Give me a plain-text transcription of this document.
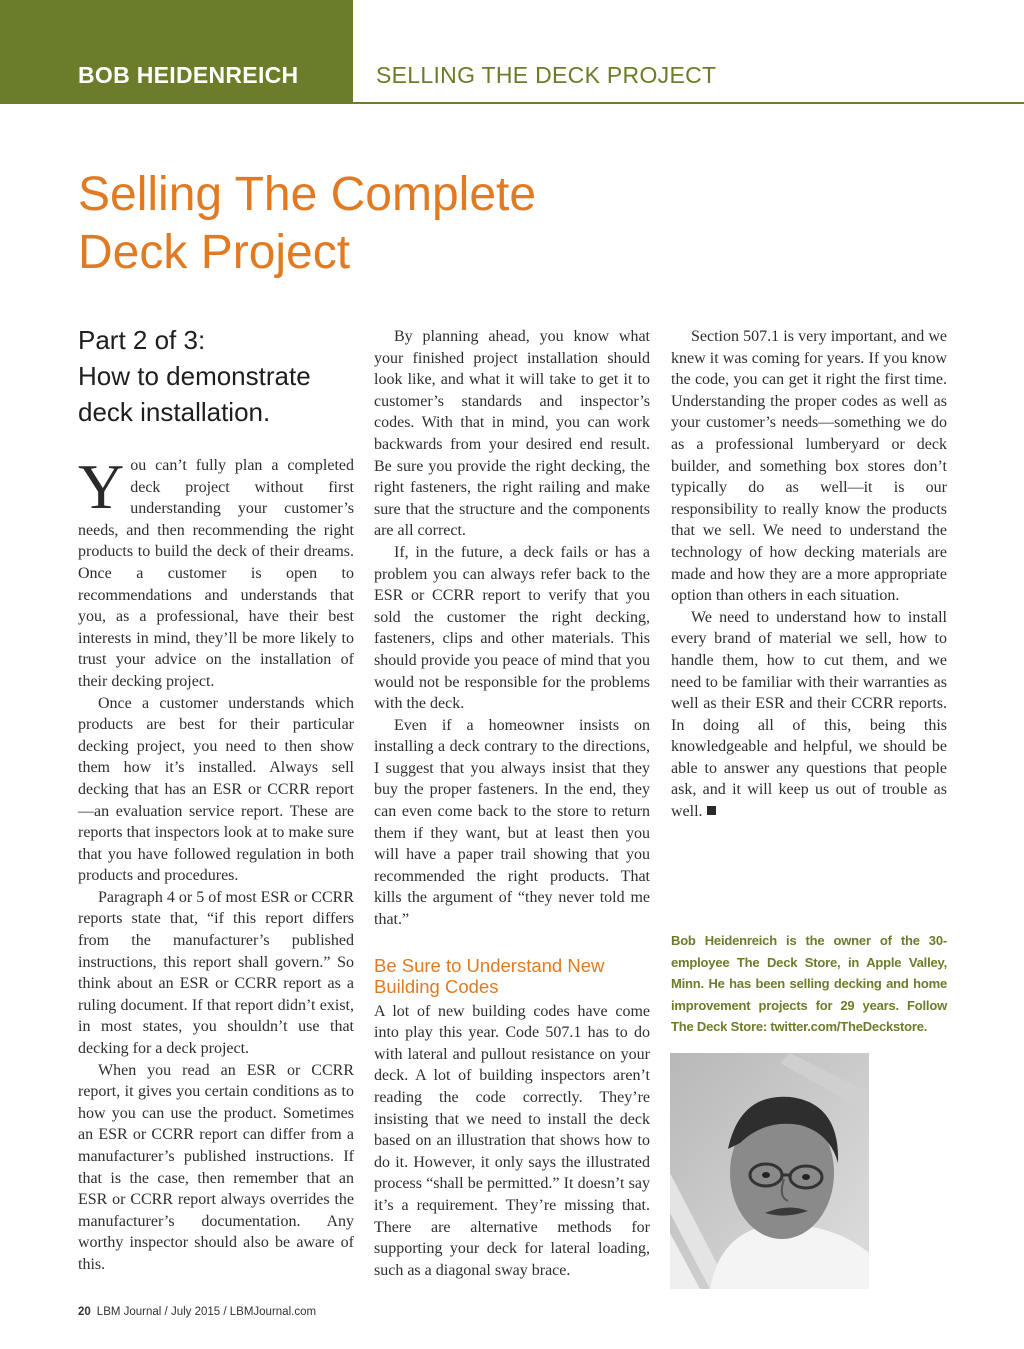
BOB HEIDENREICH	SELLING THE DECK PROJECT
Selling The Complete
Deck Project
Part 2 of 3:
How to demonstrate deck installation.

You can’t fully plan a completed deck project without first understanding your customer’s needs, and then recommending the right products to build the deck of their dreams. Once a customer is open to recommendations and understands that you, as a professional, have their best interests in mind, they’ll be more likely to trust your advice on the installation of their decking project.

Once a customer understands which products are best for their particular decking project, you need to then show them how it’s installed. Always sell decking that has an ESR or CCRR report—an evaluation service report. These are reports that inspectors look at to make sure that you have followed regulation in both products and procedures.

Paragraph 4 or 5 of most ESR or CCRR reports state that, “if this report differs from the manufacturer’s published instructions, this report shall govern.” So think about an ESR or CCRR report as a ruling document. If that report didn’t exist, in most states, you shouldn’t use that decking for a deck project.

When you read an ESR or CCRR report, it gives you certain conditions as to how you can use the product. Sometimes an ESR or CCRR report can differ from a manufacturer’s published instructions. If that is the case, then remember that an ESR or CCRR report always overrides the manufacturer’s documentation. Any worthy inspector should also be aware of this.

By planning ahead, you know what your finished project installation should look like, and what it will take to get it to customer’s standards and inspector’s codes. With that in mind, you can work backwards from your desired end result. Be sure you provide the right decking, the right fasteners, the right railing and make sure that the structure and the components are all correct.

If, in the future, a deck fails or has a problem you can always refer back to the ESR or CCRR report to verify that you sold the customer the right decking, fasteners, clips and other materials. This should provide you peace of mind that you would not be responsible for the problems with the deck.

Even if a homeowner insists on installing a deck contrary to the directions, I suggest that you always insist that they buy the proper fasteners. In the end, they can even come back to the store to return them if they want, but at least then you will have a paper trail showing that you recommended the right products. That kills the argument of “they never told me that.”

Be Sure to Understand New Building Codes

A lot of new building codes have come into play this year. Code 507.1 has to do with lateral and pullout resistance on your deck. A lot of building inspectors aren’t reading the code correctly. They’re insisting that we need to install the deck based on an illustration that shows how to do it. However, it only says the illustrated process “shall be permitted.” It doesn’t say it’s a requirement. They’re missing that. There are alternative methods for supporting your deck for lateral loading, such as a diagonal sway brace.

Section 507.1 is very important, and we knew it was coming for years. If you know the code, you can get it right the first time. Understanding the proper codes as well as your customer’s needs—something we do as a professional lumberyard or deck builder, and something box stores don’t typically do as well—it is our responsibility to really know the products that we sell. We need to understand the technology of how decking materials are made and how they are a more appropriate option than others in each situation.

We need to understand how to install every brand of material we sell, how to handle them, how to cut them, and we need to be familiar with their warranties as well as their ESR and their CCRR reports. In doing all of this, being this knowledgeable and helpful, we should be able to answer any questions that people ask, and it will keep us out of trouble as well.

Bob Heidenreich is the owner of the 30-employee The Deck Store, in Apple Valley, Minn. He has been selling decking and home improvement projects for 29 years. Follow The Deck Store: twitter.com/TheDeckstore.

20 LBM Journal / July 2015 / LBMJournal.com
